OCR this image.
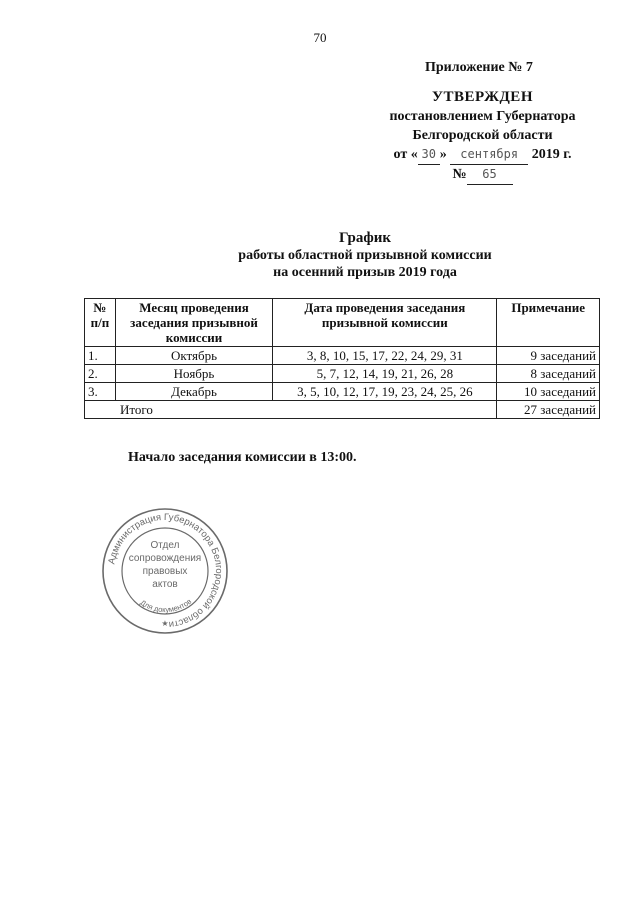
70
Приложение № 7
УТВЕРЖДЕН
постановлением Губернатора
Белгородской области
от « 30 » сентября 2019 г.
№ 65
График
работы областной призывной комиссии
на осенний призыв 2019 года
№ п/п	Месяц проведения заседания призывной комиссии	Дата проведения заседания призывной комиссии	Примечание
1.	Октябрь	3, 8, 10, 15, 17, 22, 24, 29, 31	9 заседаний
2.	Ноябрь	5, 7, 12, 14, 19, 21, 26, 28	8 заседаний
3.	Декабрь	3, 5, 10, 12, 17, 19, 23, 24, 25, 26	10 заседаний
Итого			27 заседаний
Начало заседания комиссии в 13:00.
Администрация Губернатора Белгородской области
Отдел
сопровождения
правовых
актов
Для документов
★
